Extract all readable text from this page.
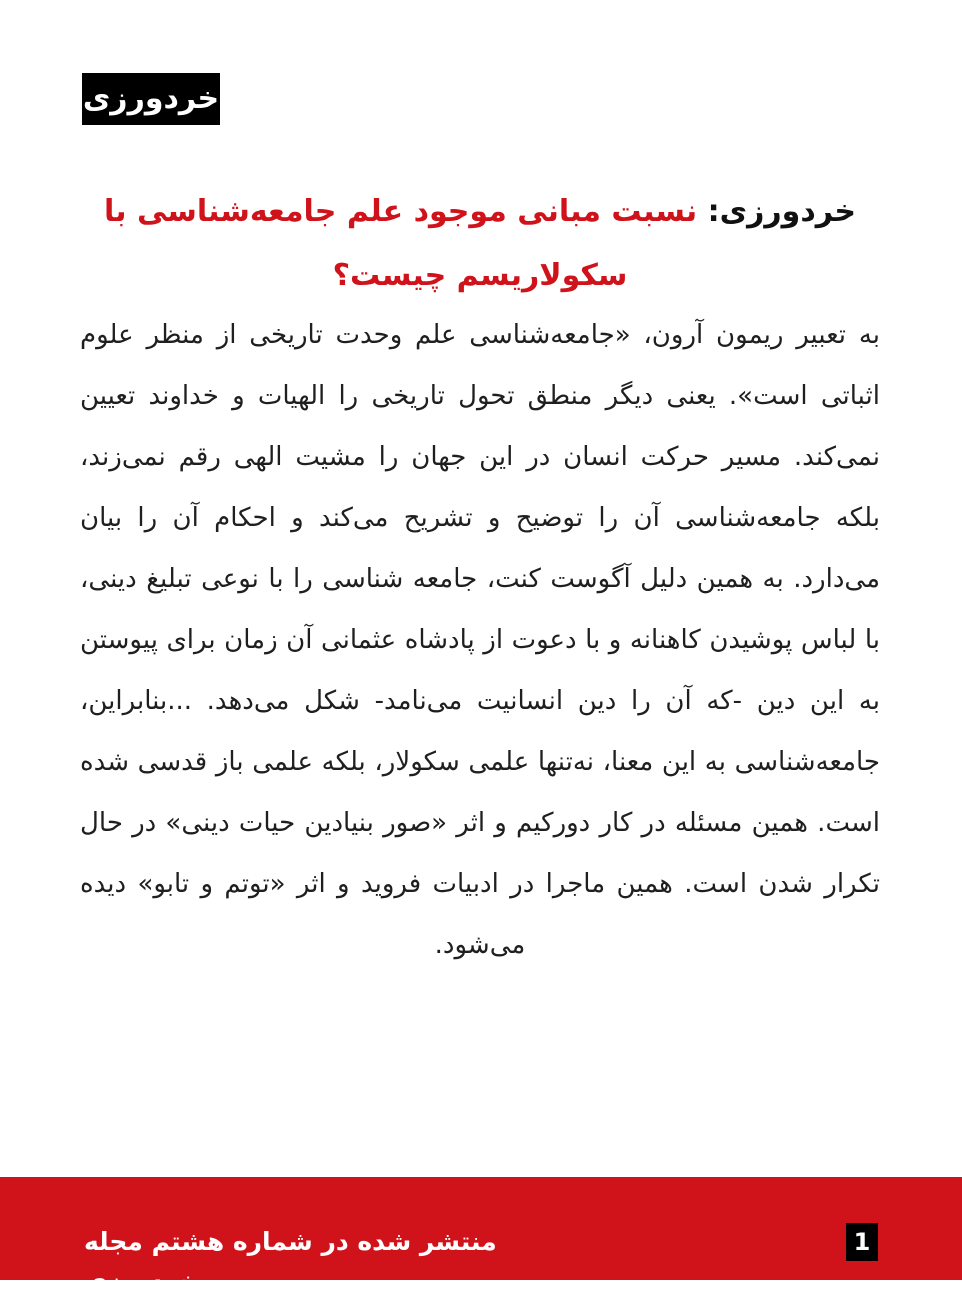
خردورزی
خردورزی: نسبت مبانی موجود علم جامعه‌شناسی با سکولاریسم چیست؟

به تعبیر ریمون آرون، «جامعه‌شناسی علم وحدت تاریخی از منظر علوم اثباتی است». یعنی دیگر منطق تحول تاریخی را الهیات و خداوند تعیین نمی‌کند. مسیر حرکت انسان در این جهان را مشیت الهی رقم نمی‌زند، بلکه جامعه‌شناسی آن را توضیح و تشریح می‌کند و احکام آن را بیان می‌دارد. به همین دلیل آگوست کنت، جامعه شناسی را با نوعی تبلیغ دینی، با لباس پوشیدن کاهنانه و با دعوت از پادشاه عثمانی آن زمان برای پیوستن به این دین -که آن را دین انسانیت می‌نامد- شکل می‌دهد. ...بنابراین، جامعه‌شناسی به این معنا، نه‌تنها علمی سکولار، بلکه علمی باز قدسی شده است. همین مسئله در کار دورکیم و اثر «صور بنیادین حیات دینی» در حال تکرار شدن است. همین ماجرا در ادبیات فروید و اثر «توتم و تابو» دیده می‌شود.

منتشر شده در شماره هشتم مجله خردورزی
1
